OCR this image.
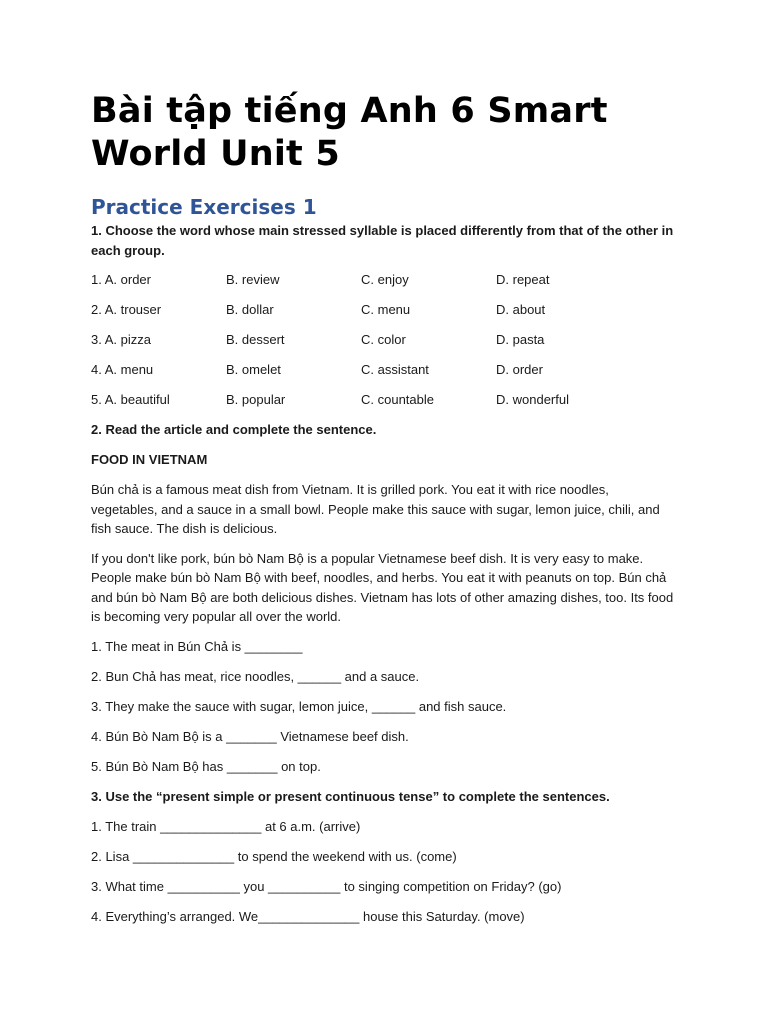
Bài tập tiếng Anh 6 Smart
World Unit 5
Practice Exercises 1

1. Choose the word whose main stressed syllable is placed differently from that of the other in each group.

1. A. order	B. review	C. enjoy	D. repeat
2. A. trouser	B. dollar	C. menu	D. about
3. A. pizza	B. dessert	C. color	D. pasta
4. A. menu	B. omelet	C. assistant	D. order
5. A. beautiful	B. popular	C. countable	D. wonderful

2. Read the article and complete the sentence.

FOOD IN VIETNAM

Bún chả is a famous meat dish from Vietnam. It is grilled pork. You eat it with rice noodles, vegetables, and a sauce in a small bowl. People make this sauce with sugar, lemon juice, chili, and fish sauce. The dish is delicious.

If you don't like pork, bún bò Nam Bộ is a popular Vietnamese beef dish. It is very easy to make. People make bún bò Nam Bộ with beef, noodles, and herbs. You eat it with peanuts on top. Bún chả and bún bò Nam Bộ are both delicious dishes. Vietnam has lots of other amazing dishes, too. Its food is becoming very popular all over the world.

1. The meat in Bún Chả is ________

2. Bun Chả has meat, rice noodles, ______ and a sauce.

3. They make the sauce with sugar, lemon juice, ______ and fish sauce.

4. Bún Bò Nam Bộ is a _______ Vietnamese beef dish.

5. Bún Bò Nam Bộ has _______ on top.

3. Use the “present simple or present continuous tense” to complete the sentences.

1. The train ______________ at 6 a.m. (arrive)

2. Lisa ______________ to spend the weekend with us. (come)

3. What time __________ you __________ to singing competition on Friday? (go)

4. Everything’s arranged. We______________ house this Saturday. (move)
